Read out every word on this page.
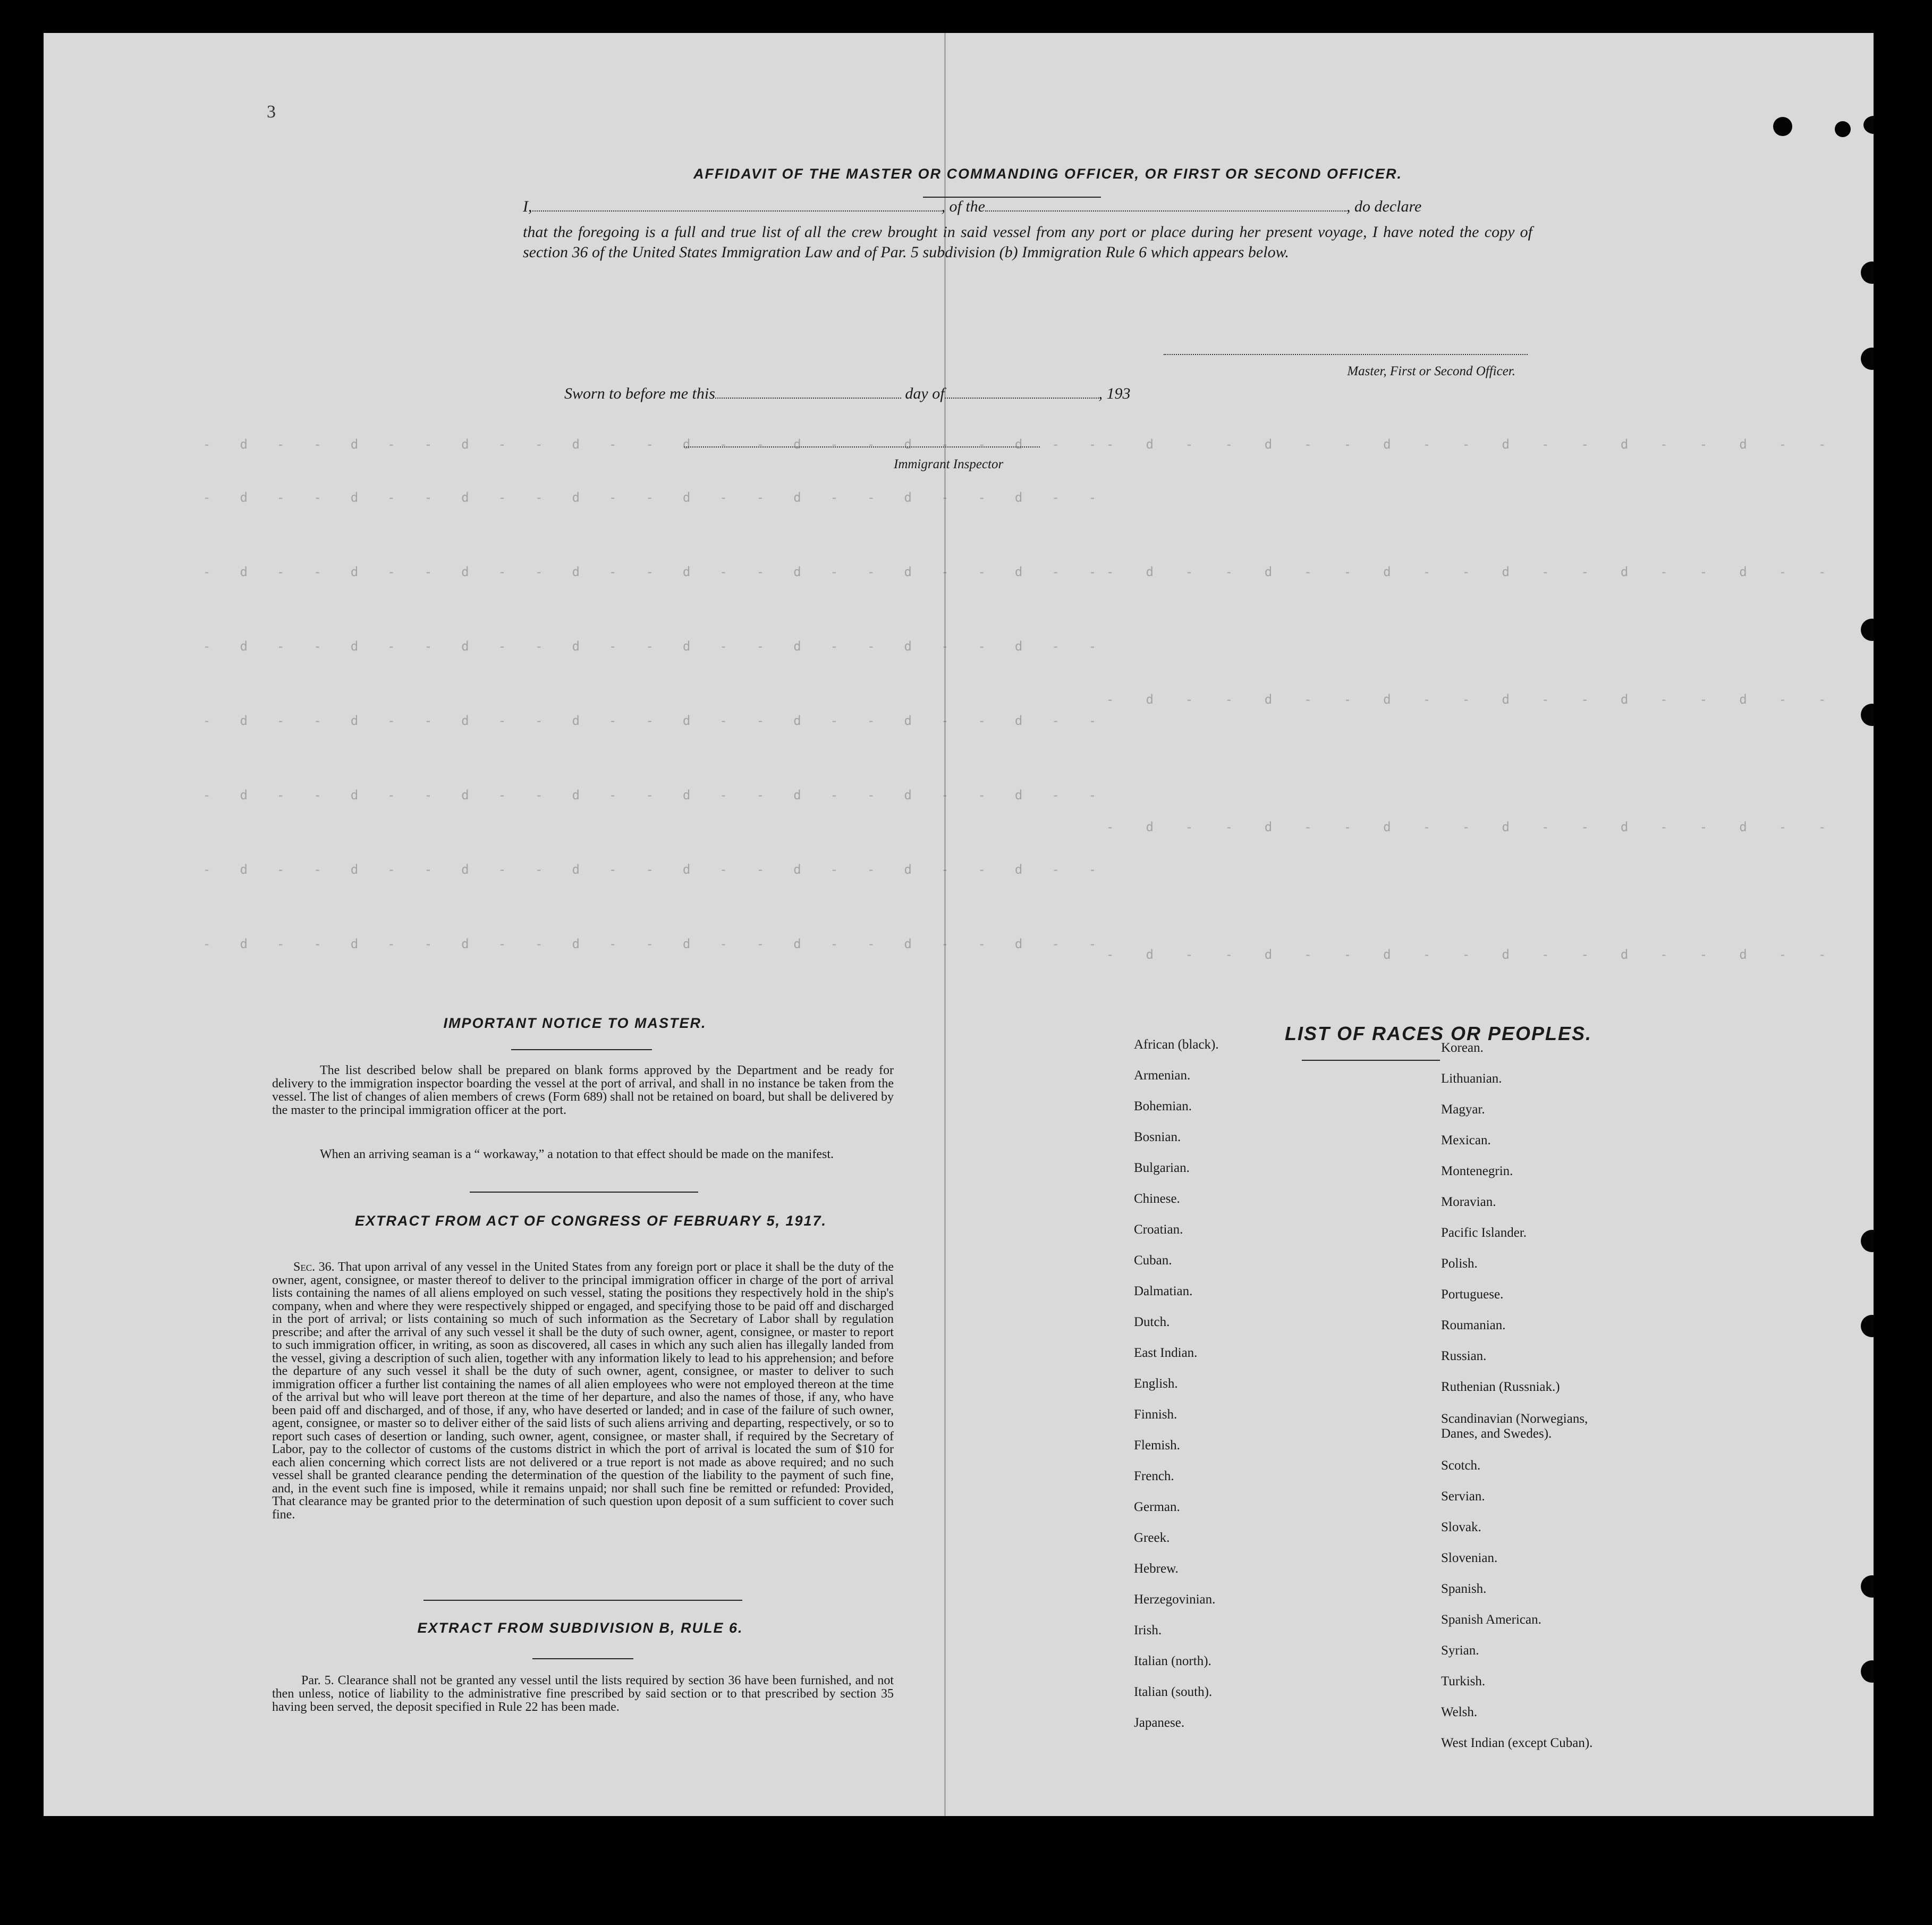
3
-d--d--d--d--d--d--d--d--
-d--d--d--d--d--d--d--d--
-d--d--d--d--d--d--d--d--
-d--d--d--d--d--d--d--d--
-d--d--d--d--d--d--d--d--
-d--d--d--d--d--d--d--d--
-d--d--d--d--d--d--d--d--
-d--d--d--d--d--d--d--d--
-d--d--d--d--d--d--
-d--d--d--d--d--d--
-d--d--d--d--d--d--
-d--d--d--d--d--d--
-d--d--d--d--d--d--
AFFIDAVIT OF THE MASTER OR COMMANDING OFFICER, OR FIRST OR SECOND OFFICER.
I,	, of the	, do declare
that the foregoing is a full and true list of all the crew brought in said vessel from any port or place during her present voyage, I have noted the copy of section 36 of the United States Immigration Law and of Par. 5 subdivision (b) Immigration Rule 6 which appears below.
Master, First or Second Officer.
Sworn to before me this	day of	, 193
Immigrant Inspector
IMPORTANT NOTICE TO MASTER.
The list described below shall be prepared on blank forms approved by the Department and be ready for delivery to the immigration inspector boarding the vessel at the port of arrival, and shall in no instance be taken from the vessel. The list of changes of alien members of crews (Form 689) shall not be retained on board, but shall be delivered by the master to the principal immigration officer at the port.
When an arriving seaman is a “ workaway,” a notation to that effect should be made on the manifest.
EXTRACT FROM ACT OF CONGRESS OF FEBRUARY 5, 1917.
Sec. 36. That upon arrival of any vessel in the United States from any foreign port or place it shall be the duty of the owner, agent, consignee, or master thereof to deliver to the principal immigration officer in charge of the port of arrival lists containing the names of all aliens employed on such vessel, stating the positions they respectively hold in the ship's company, when and where they were respectively shipped or engaged, and specifying those to be paid off and discharged in the port of arrival; or lists containing so much of such information as the Secretary of Labor shall by regulation prescribe; and after the arrival of any such vessel it shall be the duty of such owner, agent, consignee, or master to report to such immigration officer, in writing, as soon as discovered, all cases in which any such alien has illegally landed from the vessel, giving a description of such alien, together with any information likely to lead to his apprehension; and before the departure of any such vessel it shall be the duty of such owner, agent, consignee, or master to deliver to such immigration officer a further list containing the names of all alien employees who were not employed thereon at the time of the arrival but who will leave port thereon at the time of her departure, and also the names of those, if any, who have been paid off and discharged, and of those, if any, who have deserted or landed; and in case of the failure of such owner, agent, consignee, or master so to deliver either of the said lists of such aliens arriving and departing, respectively, or so to report such cases of desertion or landing, such owner, agent, consignee, or master shall, if required by the Secretary of Labor, pay to the collector of customs of the customs district in which the port of arrival is located the sum of $10 for each alien concerning which correct lists are not delivered or a true report is not made as above required; and no such vessel shall be granted clearance pending the determination of the question of the liability to the payment of such fine, and, in the event such fine is imposed, while it remains unpaid; nor shall such fine be remitted or refunded: Provided, That clearance may be granted prior to the determination of such question upon deposit of a sum sufficient to cover such fine.
EXTRACT FROM SUBDIVISION B, RULE 6.
Par. 5. Clearance shall not be granted any vessel until the lists required by section 36 have been furnished, and not then unless, notice of liability to the administrative fine prescribed by said section or to that prescribed by section 35 having been served, the deposit specified in Rule 22 has been made.
LIST OF RACES OR PEOPLES.
African (black).
Armenian.
Bohemian.
Bosnian.
Bulgarian.
Chinese.
Croatian.
Cuban.
Dalmatian.
Dutch.
East Indian.
English.
Finnish.
Flemish.
French.
German.
Greek.
Hebrew.
Herzegovinian.
Irish.
Italian (north).
Italian (south).
Japanese.
Korean.
Lithuanian.
Magyar.
Mexican.
Montenegrin.
Moravian.
Pacific Islander.
Polish.
Portuguese.
Roumanian.
Russian.
Ruthenian (Russniak.)
Scandinavian (Norwegians, Danes, and Swedes).
Scotch.
Servian.
Slovak.
Slovenian.
Spanish.
Spanish American.
Syrian.
Turkish.
Welsh.
West Indian (except Cuban).
